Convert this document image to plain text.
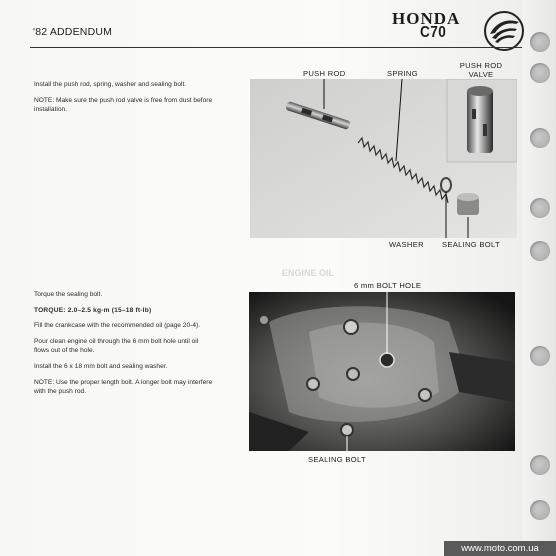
'82 ADDENDUM
HONDA
C70

Install the push rod, spring, washer and sealing bolt.

NOTE: Make sure the push rod valve is free from dust before installation.

PUSH ROD	SPRING
PUSH ROD
VALVE
WASHER SEALING BOLT
ENGINE OIL

Torque the sealing bolt.

TORQUE: 2.0–2.5 kg-m (15–18 ft-lb)

Fill the crankcase with the recommended oil (page 20-4).

Pour clean engine oil through the 6 mm bolt hole until oil flows out of the hole.

Install the 6 x 18 mm bolt and sealing washer.

NOTE: Use the proper length bolt. A longer bolt may interfere with the push rod.

6 mm BOLT HOLE
SEALING BOLT
www.moto.com.ua
